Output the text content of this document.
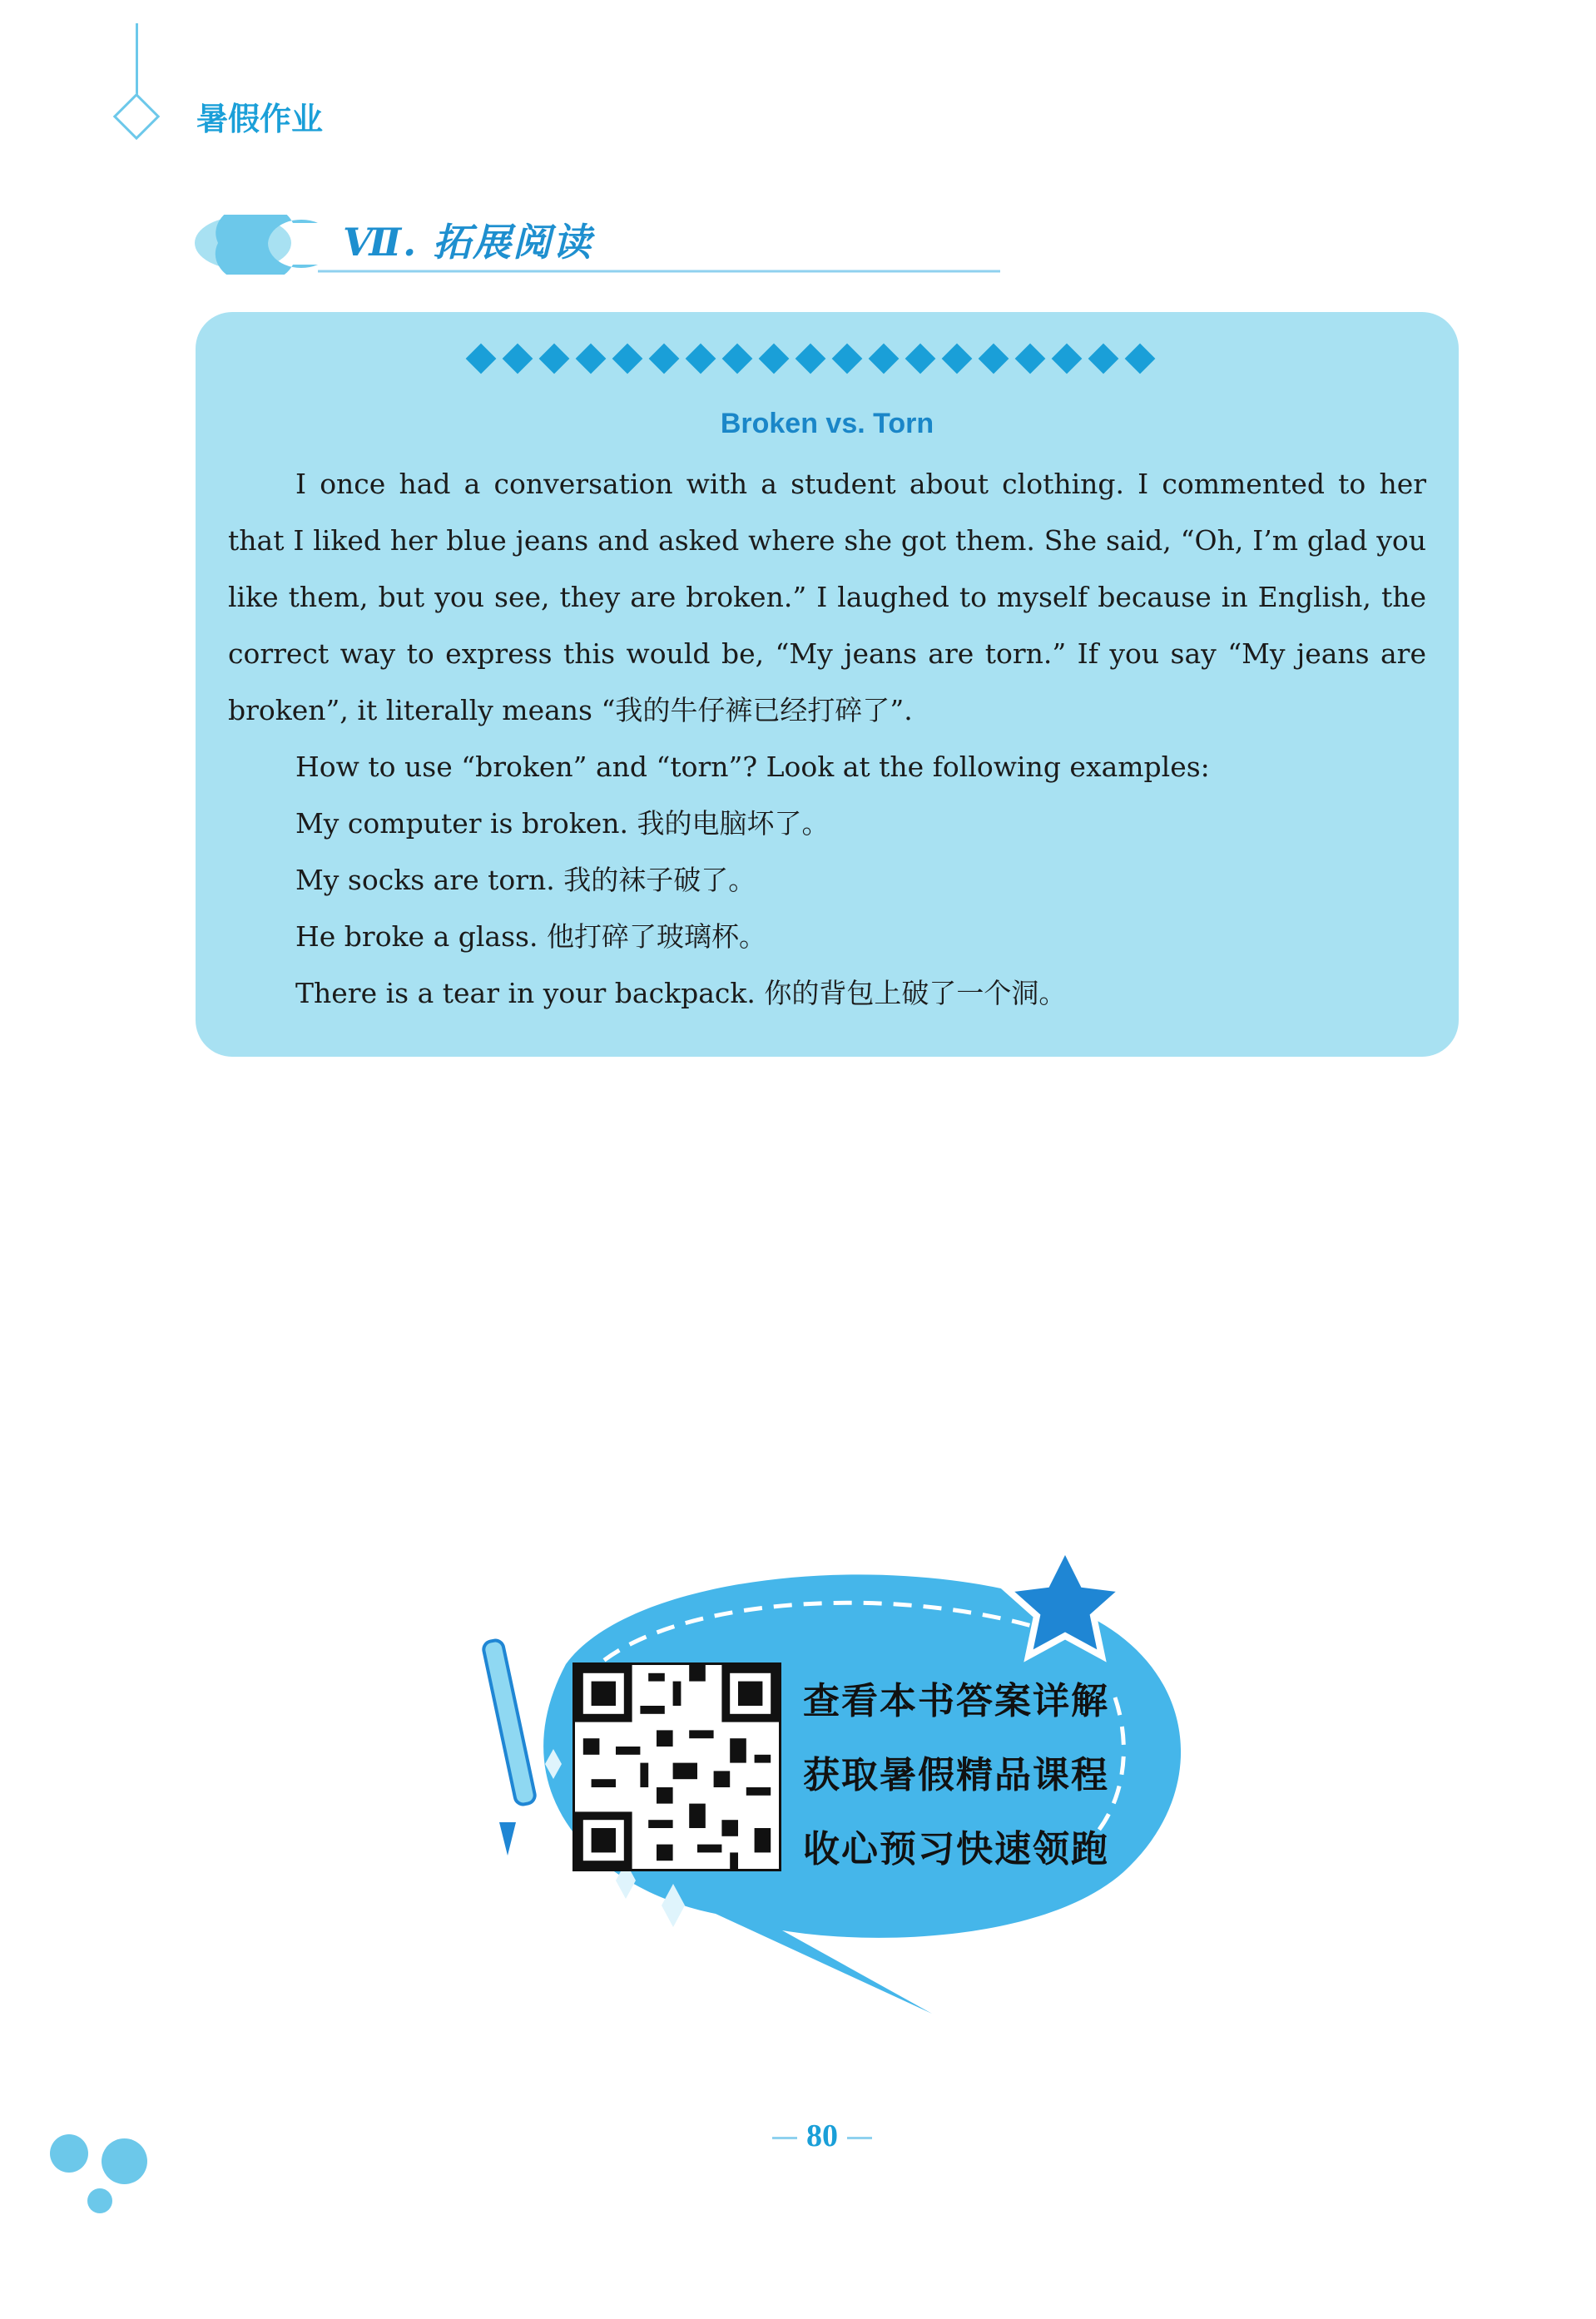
暑假作业
Ⅶ. 拓展阅读
Broken vs. Torn

I once had a conversation with a student about clothing. I commented to her that I liked her blue jeans and asked where she got them. She said, “Oh, I’m glad you like them, but you see, they are broken.” I laughed to myself because in English, the correct way to express this would be, “My jeans are torn.” If you say “My jeans are broken”, it literally means “我的牛仔裤已经打碎了”.

How to use “broken” and “torn”? Look at the following examples:
My computer is broken. 我的电脑坏了。
My socks are torn. 我的袜子破了。
He broke a glass. 他打碎了玻璃杯。
There is a tear in your backpack. 你的背包上破了一个洞。
查看本书答案详解
获取暑假精品课程
收心预习快速领跑
80
